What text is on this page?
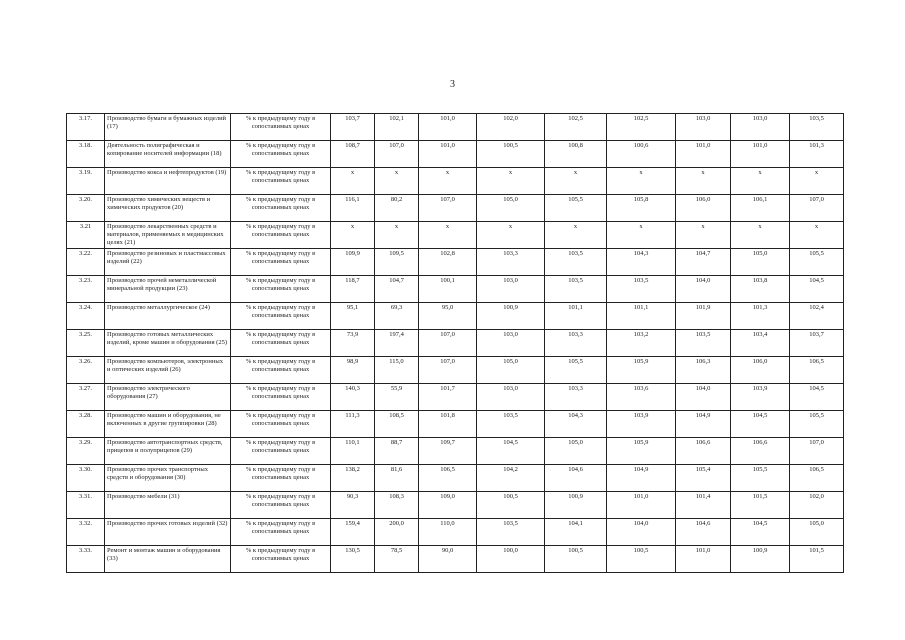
3
3.17.	Производство бумаги и бумажных изделий (17)	% к предыдущему году в сопоставимых ценах	103,7	102,1	101,0	102,0	102,5	102,5	103,0	103,0	103,5
3.18.	Деятельность полиграфическая и копирование носителей информации (18)	% к предыдущему году в сопоставимых ценах	108,7	107,0	101,0	100,5	100,8	100,6	101,0	101,0	101,3
3.19.	Производство кокса и нефтепродуктов (19)	% к предыдущему году в сопоставимых ценах	x	x	x	x	x	x	x	x	x
3.20.	Производство химических веществ и химических продуктов (20)	% к предыдущему году в сопоставимых ценах	116,1	80,2	107,0	105,0	105,5	105,8	106,0	106,1	107,0
3.21	Производство лекарственных средств и материалов, применяемых в медицинских целях (21)	% к предыдущему году в сопоставимых ценах	x	x	x	x	x	x	x	x	x
3.22.	Производство резиновых и пластмассовых изделий (22)	% к предыдущему году в сопоставимых ценах	109,9	109,5	102,8	103,3	103,5	104,3	104,7	105,0	105,5
3.23.	Производство прочей неметаллической минеральной продукции (23)	% к предыдущему году в сопоставимых ценах	118,7	104,7	100,1	103,0	103,5	103,5	104,0	103,8	104,5
3.24.	Производство металлургическое (24)	% к предыдущему году в сопоставимых ценах	95,1	69,3	95,0	100,9	101,1	101,1	101,9	101,3	102,4
3.25.	Производство готовых металлических изделий, кроме машин и оборудования (25)	% к предыдущему году в сопоставимых ценах	73,9	197,4	107,0	103,0	103,3	103,2	103,5	103,4	103,7
3.26.	Производство компьютеров, электронных и оптических изделий (26)	% к предыдущему году в сопоставимых ценах	98,9	115,0	107,0	105,0	105,5	105,9	106,3	106,0	106,5
3.27.	Производство электрического оборудования (27)	% к предыдущему году в сопоставимых ценах	140,3	55,9	101,7	103,0	103,3	103,6	104,0	103,9	104,5
3.28.	Производство машин и оборудования, не включенных в другие группировки (28)	% к предыдущему году в сопоставимых ценах	111,3	108,5	101,8	103,5	104,3	103,9	104,9	104,5	105,5
3.29.	Производство автотранспортных средств, прицепов и полуприцепов (29)	% к предыдущему году в сопоставимых ценах	110,1	88,7	109,7	104,5	105,0	105,9	106,6	106,6	107,0
3.30.	Производство прочих транспортных средств и оборудования (30)	% к предыдущему году в сопоставимых ценах	138,2	81,6	106,5	104,2	104,6	104,9	105,4	105,5	106,5
3.31.	Производство мебели (31)	% к предыдущему году в сопоставимых ценах	90,3	108,3	109,0	100,5	100,9	101,0	101,4	101,5	102,0
3.32.	Производство прочих готовых изделий (32)	% к предыдущему году в сопоставимых ценах	159,4	200,0	110,0	103,5	104,1	104,0	104,6	104,5	105,0
3.33.	Ремонт и монтаж машин и оборудования (33)	% к предыдущему году в сопоставимых ценах	130,5	78,5	90,0	100,0	100,5	100,5	101,0	100,9	101,5
